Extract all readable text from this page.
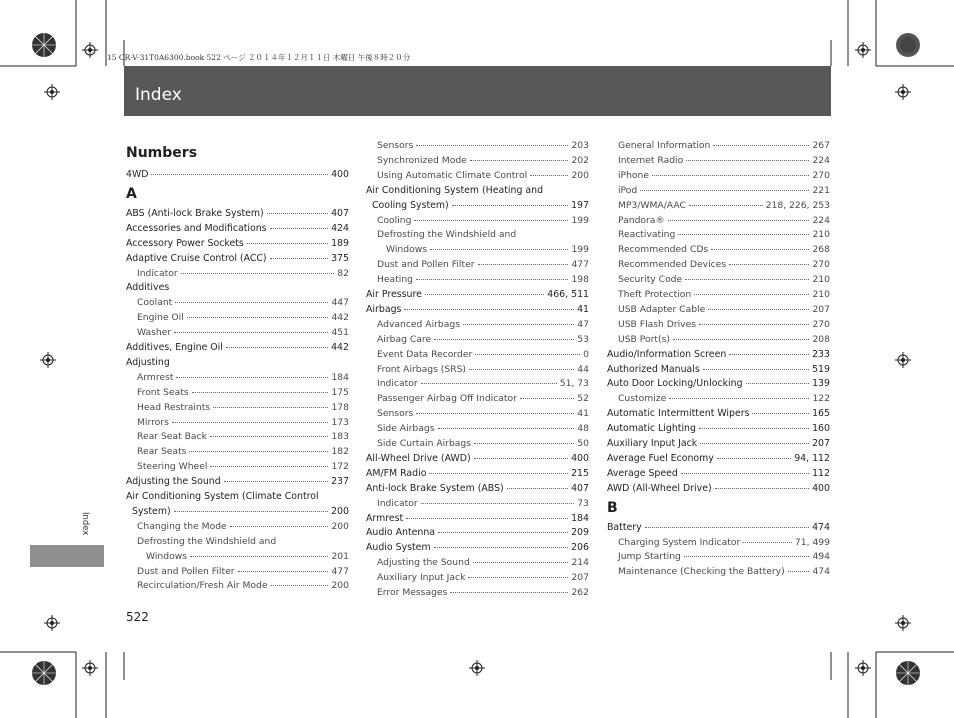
15 CR-V-31T0A6300.book 522 ページ ２０１４年１２月１１日 木曜日 午後８時２０分
Index
Index
522
Numbers
4WD	400
A
ABS (Anti-lock Brake System)	407
Accessories and Modifications	424
Accessory Power Sockets	189
Adaptive Cruise Control (ACC)	375
Indicator	82
Additives
Coolant	447
Engine Oil	442
Washer	451
Additives, Engine Oil	442
Adjusting
Armrest	184
Front Seats	175
Head Restraints	178
Mirrors	173
Rear Seat Back	183
Rear Seats	182
Steering Wheel	172
Adjusting the Sound	237
Air Conditioning System (Climate Control
System)	200
Changing the Mode	200
Defrosting the Windshield and
Windows	201
Dust and Pollen Filter	477
Recirculation/Fresh Air Mode	200
Sensors	203
Synchronized Mode	202
Using Automatic Climate Control	200
Air Conditioning System (Heating and
Cooling System)	197
Cooling	199
Defrosting the Windshield and
Windows	199
Dust and Pollen Filter	477
Heating	198
Air Pressure	466, 511
Airbags	41
Advanced Airbags	47
Airbag Care	53
Event Data Recorder	0
Front Airbags (SRS)	44
Indicator	51, 73
Passenger Airbag Off Indicator	52
Sensors	41
Side Airbags	48
Side Curtain Airbags	50
All-Wheel Drive (AWD)	400
AM/FM Radio	215
Anti-lock Brake System (ABS)	407
Indicator	73
Armrest	184
Audio Antenna	209
Audio System	206
Adjusting the Sound	214
Auxiliary Input Jack	207
Error Messages	262
General Information	267
Internet Radio	224
iPhone	270
iPod	221
MP3/WMA/AAC	218, 226, 253
Pandora®	224
Reactivating	210
Recommended CDs	268
Recommended Devices	270
Security Code	210
Theft Protection	210
USB Adapter Cable	207
USB Flash Drives	270
USB Port(s)	208
Audio/Information Screen	233
Authorized Manuals	519
Auto Door Locking/Unlocking	139
Customize	122
Automatic Intermittent Wipers	165
Automatic Lighting	160
Auxiliary Input Jack	207
Average Fuel Economy	94, 112
Average Speed	112
AWD (All-Wheel Drive)	400
B
Battery	474
Charging System Indicator	71, 499
Jump Starting	494
Maintenance (Checking the Battery)	474
